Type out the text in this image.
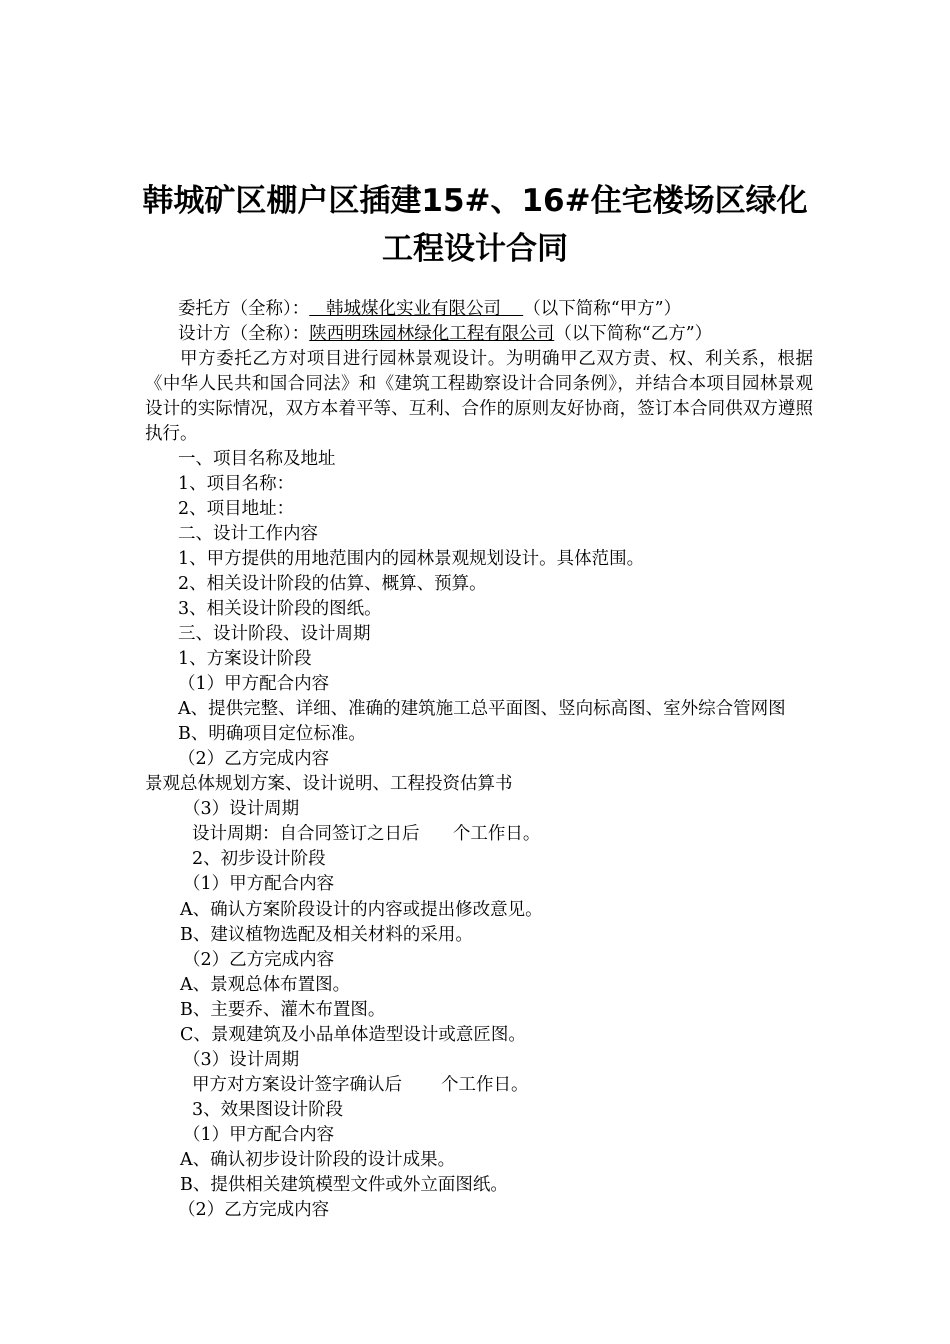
韩城矿区棚户区插建15#、16#住宅楼场区绿化
工程设计合同
委托方（全称）：   韩城煤化实业有限公司    （以下简称“甲方”）
设计方（全称）：陕西明珠园林绿化工程有限公司（以下简称“乙方”）

甲方委托乙方对项目进行园林景观设计。为明确甲乙双方责、权、利关系，根据《中华人民共和国合同法》和《建筑工程勘察设计合同条例》，并结合本项目园林景观设计的实际情况，双方本着平等、互利、合作的原则友好协商，签订本合同供双方遵照执行。

一、项目名称及地址
1、项目名称：
2、项目地址：
二、设计工作内容
1、甲方提供的用地范围内的园林景观规划设计。具体范围。
2、相关设计阶段的估算、概算、预算。
3、相关设计阶段的图纸。
三、设计阶段、设计周期
1、方案设计阶段
（1）甲方配合内容
A、提供完整、详细、准确的建筑施工总平面图、竖向标高图、室外综合管网图
B、明确项目定位标准。
（2）乙方完成内容
景观总体规划方案、设计说明、工程投资估算书
（3）设计周期
设计周期：自合同签订之日后      个工作日。
2、初步设计阶段
（1）甲方配合内容
A、确认方案阶段设计的内容或提出修改意见。
B、建议植物选配及相关材料的采用。
（2）乙方完成内容
A、景观总体布置图。
B、主要乔、灌木布置图。
C、景观建筑及小品单体造型设计或意匠图。
（3）设计周期
甲方对方案设计签字确认后       个工作日。
3、效果图设计阶段
（1）甲方配合内容
A、确认初步设计阶段的设计成果。
B、提供相关建筑模型文件或外立面图纸。
（2）乙方完成内容
